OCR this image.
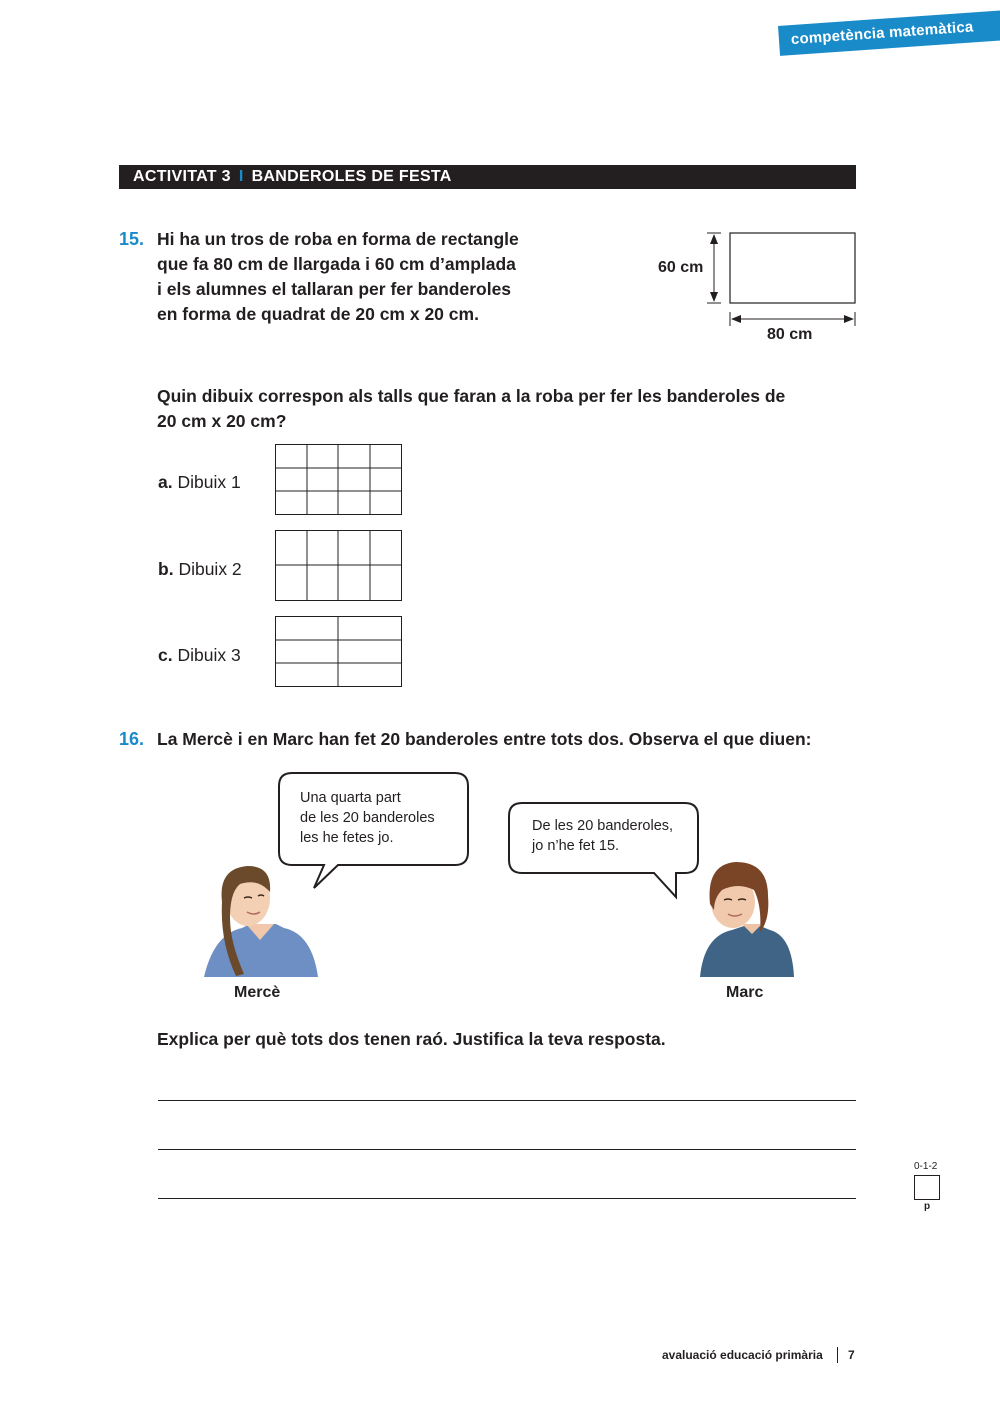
competència matemàtica
ACTIVITAT 3 I BANDEROLES DE FESTA
15. Hi ha un tros de roba en forma de rectangle
que fa 80 cm de llargada i 60 cm d’amplada
i els alumnes el tallaran per fer banderoles
en forma de quadrat de 20 cm x 20 cm.
60 cm
80 cm
Quin dibuix correspon als talls que faran a la roba per fer les banderoles de
20 cm x 20 cm?
a. Dibuix 1
b. Dibuix 2
c. Dibuix 3
16. La Mercè i en Marc han fet 20 banderoles entre tots dos. Observa el que diuen:
Una quarta part
de les 20 banderoles
les he fetes jo.
De les 20 banderoles,
jo n’he fet 15.
Mercè	Marc
Explica per què tots dos tenen raó. Justifica la teva resposta.
0-1-2
p
avaluació educació primària 7
